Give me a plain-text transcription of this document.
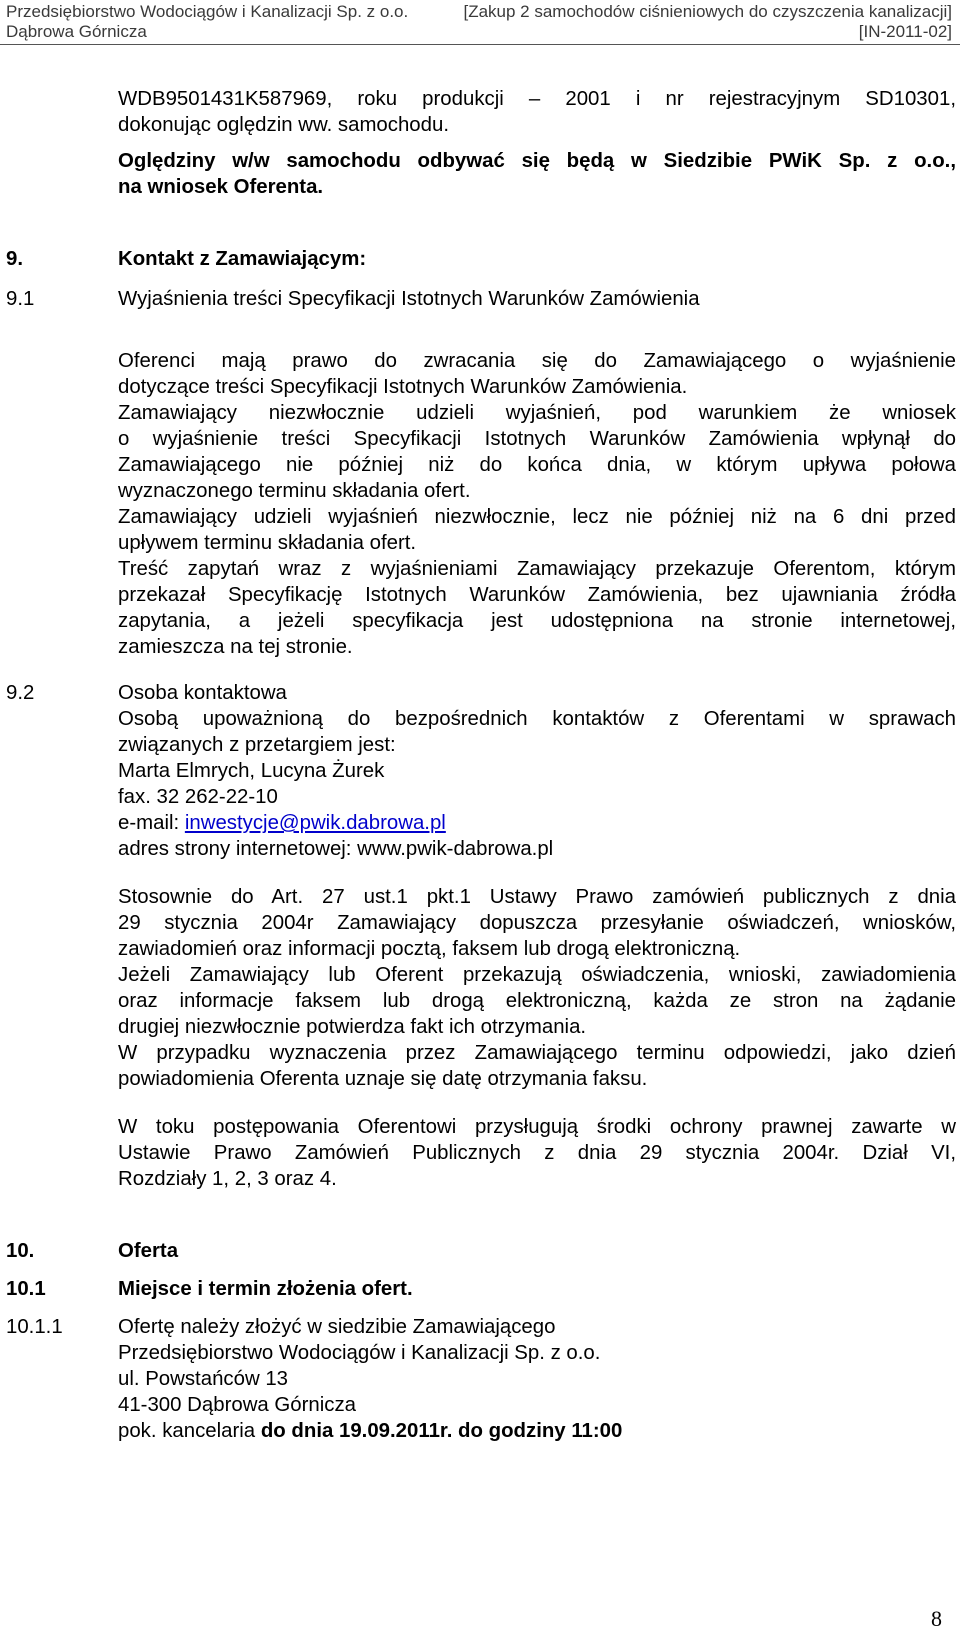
Przedsiębiorstwo Wodociągów i Kanalizacji Sp. z o.o.
Dąbrowa Górnicza
[Zakup 2 samochodów ciśnieniowych do czyszczenia kanalizacji]
[IN-2011-02]
WDB9501431K587969, roku produkcji – 2001 i nr rejestracyjnym SD10301,
dokonując oględzin ww. samochodu.
Oględziny w/w samochodu odbywać się będą w Siedzibie PWiK Sp. z o.o.,
na wniosek Oferenta.
9.	Kontakt z Zamawiającym:
9.1	Wyjaśnienia treści Specyfikacji Istotnych Warunków Zamówienia
Oferenci mają prawo do zwracania się do Zamawiającego o wyjaśnienie
dotyczące treści Specyfikacji Istotnych Warunków Zamówienia.
Zamawiający niezwłocznie udzieli wyjaśnień, pod warunkiem że wniosek
o wyjaśnienie treści Specyfikacji Istotnych Warunków Zamówienia wpłynął do
Zamawiającego nie później niż do końca dnia, w którym upływa połowa
wyznaczonego terminu składania ofert.
Zamawiający udzieli wyjaśnień niezwłocznie, lecz nie później niż na 6 dni przed
upływem terminu składania ofert.
Treść zapytań wraz z wyjaśnieniami Zamawiający przekazuje Oferentom, którym
przekazał Specyfikację Istotnych Warunków Zamówienia, bez ujawniania źródła
zapytania, a jeżeli specyfikacja jest udostępniona na stronie internetowej,
zamieszcza na tej stronie.
9.2	Osoba kontaktowa
Osobą upoważnioną do bezpośrednich kontaktów z Oferentami w sprawach
związanych z przetargiem jest:
Marta Elmrych, Lucyna Żurek
fax. 32 262-22-10
e-mail: inwestycje@pwik.dabrowa.pl
adres strony internetowej: www.pwik-dabrowa.pl
Stosownie do Art. 27 ust.1 pkt.1 Ustawy Prawo zamówień publicznych z dnia
29 stycznia 2004r Zamawiający dopuszcza przesyłanie oświadczeń, wniosków,
zawiadomień oraz informacji pocztą, faksem lub drogą elektroniczną.
Jeżeli Zamawiający lub Oferent przekazują oświadczenia, wnioski, zawiadomienia
oraz informacje faksem lub drogą elektroniczną, każda ze stron na żądanie
drugiej niezwłocznie potwierdza fakt ich otrzymania.
W przypadku wyznaczenia przez Zamawiającego terminu odpowiedzi, jako dzień
powiadomienia Oferenta uznaje się datę otrzymania faksu.
W toku postępowania Oferentowi przysługują środki ochrony prawnej zawarte w
Ustawie Prawo Zamówień Publicznych z dnia 29 stycznia 2004r. Dział VI,
Rozdziały 1, 2, 3 oraz 4.
10.	Oferta
10.1	Miejsce i termin złożenia ofert.
10.1.1	Ofertę należy złożyć w siedzibie Zamawiającego
Przedsiębiorstwo Wodociągów i Kanalizacji Sp. z o.o.
ul. Powstańców 13
41-300 Dąbrowa Górnicza
pok. kancelaria do dnia 19.09.2011r. do godziny 11:00
8
